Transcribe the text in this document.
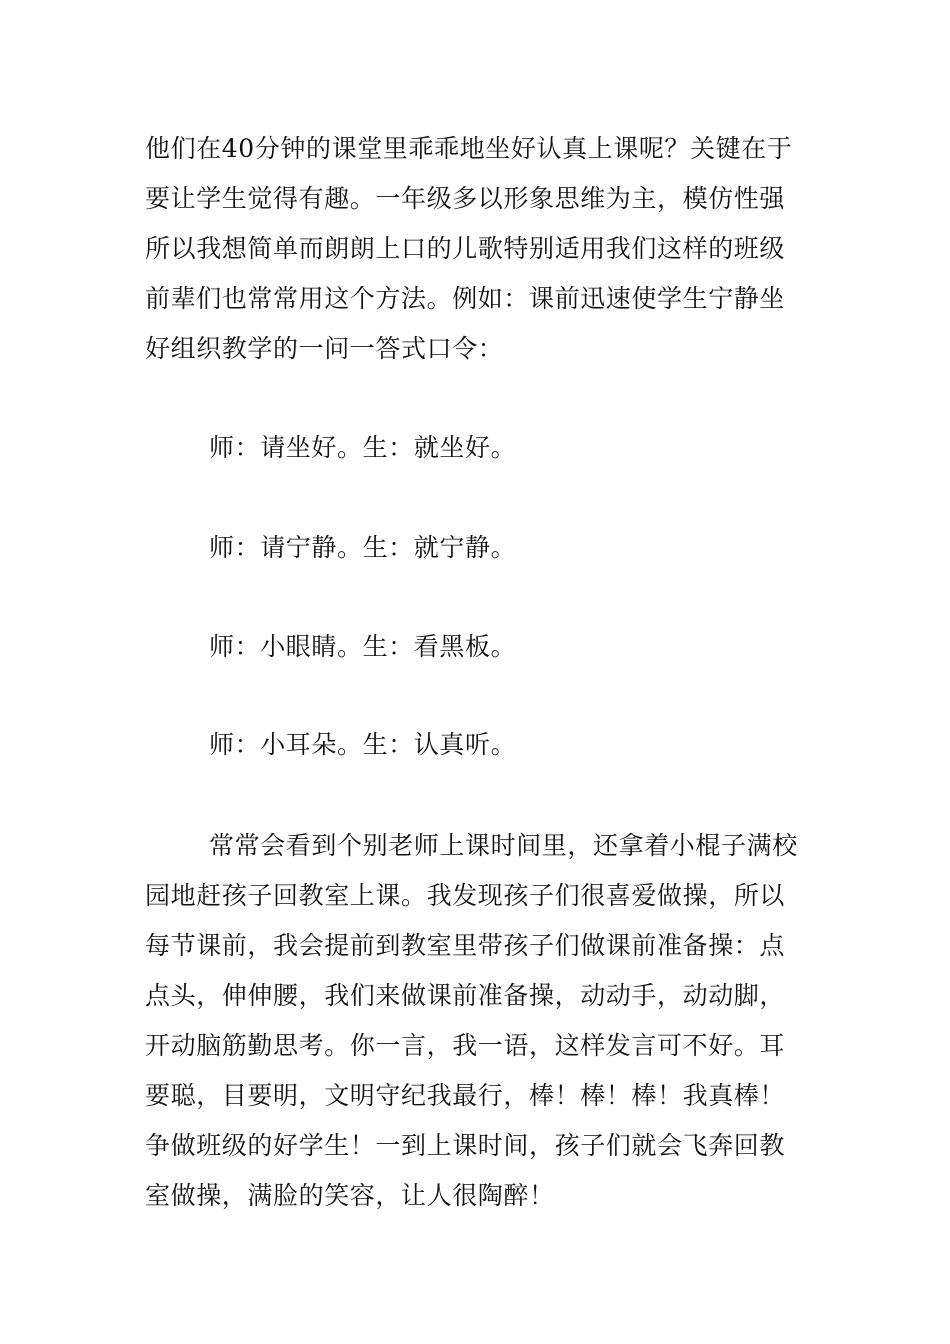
他们在40分钟的课堂里乖乖地坐好认真上课呢？关键在于
要让学生觉得有趣。一年级多以形象思维为主，模仿性强
所以我想简单而朗朗上口的儿歌特别适用我们这样的班级
前辈们也常常用这个方法。例如：课前迅速使学生宁静坐
好组织教学的一问一答式口令：

师：请坐好。生：就坐好。

师：请宁静。生：就宁静。

师：小眼睛。生：看黑板。

师：小耳朵。生：认真听。

常常会看到个别老师上课时间里，还拿着小棍子满校
园地赶孩子回教室上课。我发现孩子们很喜爱做操，所以
每节课前，我会提前到教室里带孩子们做课前准备操：点
点头，伸伸腰，我们来做课前准备操，动动手，动动脚，
开动脑筋勤思考。你一言，我一语，这样发言可不好。耳
要聪，目要明，文明守纪我最行，棒！棒！棒！我真棒！
争做班级的好学生！一到上课时间，孩子们就会飞奔回教
室做操，满脸的笑容，让人很陶醉！
